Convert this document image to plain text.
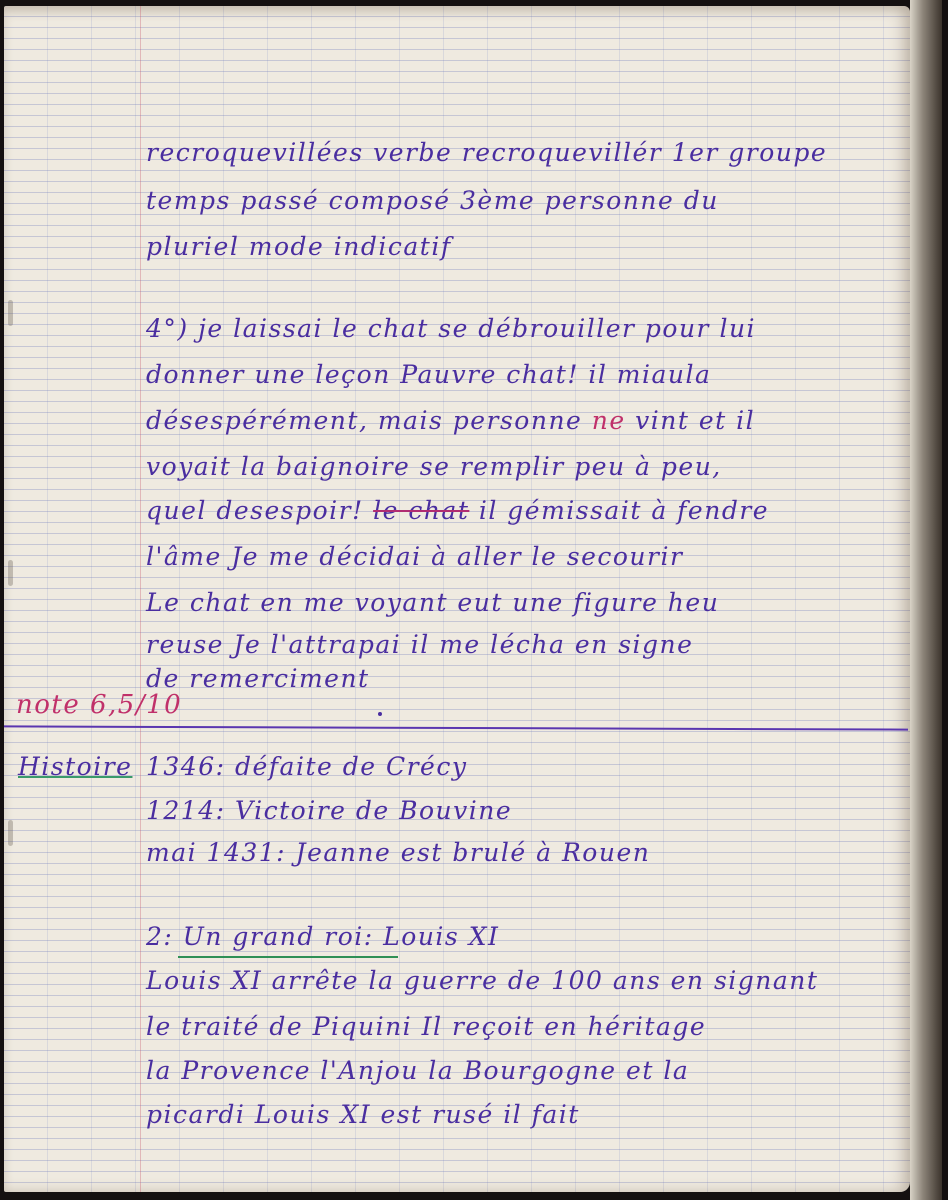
recroquevillées verbe recroquevillér 1er groupe
temps passé composé 3ème personne du
pluriel mode indicatif
4°) je laissai le chat se débrouiller pour lui
donner une leçon Pauvre chat! il miaula
désespérément, mais personne ne vint et il
voyait la baignoire se remplir peu à peu,
quel desespoir! le chat il gémissait à fendre
l'âme Je me décidai à aller le secourir
Le chat en me voyant eut une figure heu
reuse Je l'attrapai il me lécha en signe
de remerciment
note 6,5/10
Histoire 1346: défaite de Crécy
1214: Victoire de Bouvine
mai 1431: Jeanne est brulé à Rouen
2: Un grand roi: Louis XI
Louis XI arrête la guerre de 100 ans en signant
le traité de Piquini Il reçoit en héritage
la Provence l'Anjou la Bourgogne et la
picardi Louis XI est rusé il fait
